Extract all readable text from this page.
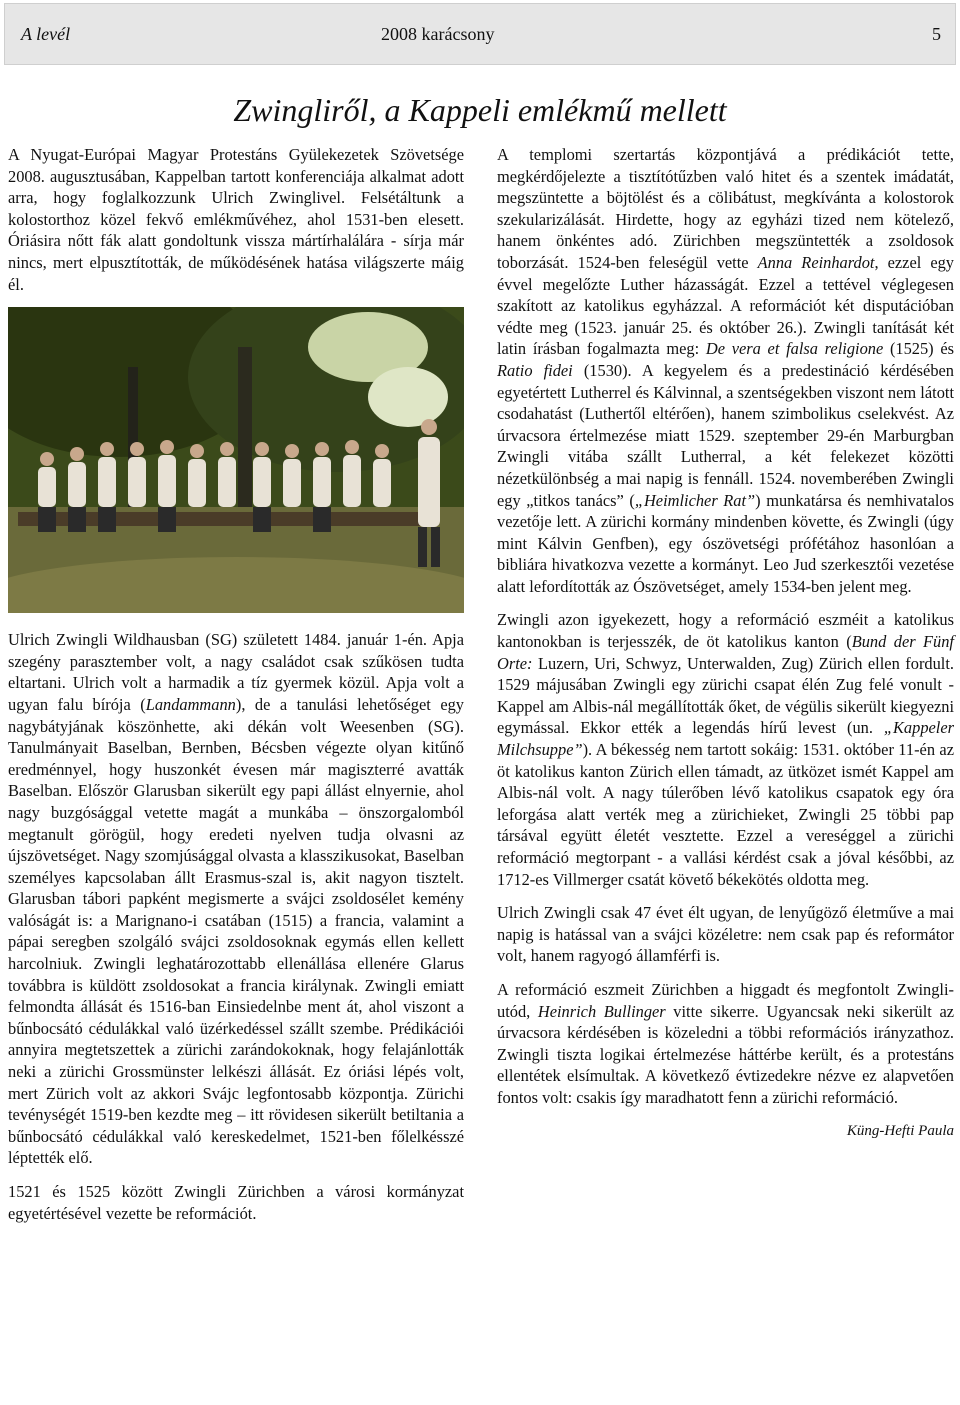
A levél	2008 karácsony	5
Zwingliről, a Kappeli emlékmű mellett

A Nyugat-Európai Magyar Protestáns Gyülekezetek Szövetsége 2008. augusztusában, Kappelban tartott konferenciája alkalmat adott arra, hogy foglalkozzunk Ulrich Zwinglivel. Felsétáltunk a kolostorthoz közel fekvő emlékművéhez, ahol 1531-ben elesett. Óriásira nőtt fák alatt gondoltunk vissza mártírhalálára - sírja már nincs, mert elpusztították, de működésének hatása világszerte máig él.

Ulrich Zwingli Wildhausban (SG) született 1484. január 1-én. Apja szegény parasztember volt, a nagy családot csak szűkösen tudta eltartani. Ulrich volt a harmadik a tíz gyermek közül. Apja volt a ugyan falu bírója (Landammann), de a tanulási lehetőséget egy nagybátyjának köszönhette, aki dékán volt Weesenben (SG). Tanulmányait Baselban, Bernben, Bécsben végezte olyan kitűnő eredménnyel, hogy huszonkét évesen már magiszterré avatták Baselban. Először Glarusban sikerült egy papi állást elnyernie, ahol nagy buzgósággal vetette magát a munkába – önszorgalomból megtanult görögül, hogy eredeti nyelven tudja olvasni az újszövetséget. Nagy szomjúsággal olvasta a klasszikusokat, Baselban személyes kapcsolaban állt Erasmus-szal is, akit nagyon tisztelt. Glarusban tábori papként megismerte a svájci zsoldosélet kemény valóságát is: a Marignano-i csatában (1515) a francia, valamint a pápai seregben szolgáló svájci zsoldosoknak egymás ellen kellett harcolniuk. Zwingli leghatározottabb ellenállása ellenére Glarus továbbra is küldött zsoldosokat a francia királynak. Zwingli emiatt felmondta állását és 1516-ban Einsiedelnbe ment át, ahol viszont a bűnbocsátó cédulákkal való üzérkedéssel szállt szembe. Prédikációi annyira megtetszettek a zürichi zarándokoknak, hogy felajánlották neki a zürichi Grossmünster lelkészi állását. Ez óriási lépés volt, mert Zürich volt az akkori Svájc legfontosabb központja. Zürichi tevénységét 1519-ben kezdte meg – itt rövidesen sikerült betiltania a bűnbocsátó cédulákkal való kereskedelmet, 1521-ben főlelkésszé léptették elő.

1521 és 1525 között Zwingli Zürichben a városi kormányzat egyetértésével vezette be reformációt.

A templomi szertartás központjává a prédikációt tette, megkérdőjelezte a tisztítótűzben való hitet és a szentek imádatát, megszüntette a böjtölést és a cölibátust, megkívánta a kolostorok szekularizálását. Hirdette, hogy az egyházi tized nem kötelező, hanem önkéntes adó. Zürichben megszüntették a zsoldosok toborzását. 1524-ben feleségül vette Anna Reinhardot, ezzel egy évvel megelőzte Luther házasságát. Ezzel a tettével véglegesen szakított az katolikus egyházzal. A reformációt két disputációban védte meg (1523. január 25. és október 26.). Zwingli tanítását két latin írásban fogalmazta meg: De vera et falsa religione (1525) és Ratio fidei (1530). A kegyelem és a predestináció kérdésében egyetértett Lutherrel és Kálvinnal, a szentségekben viszont nem látott csodahatást (Luthertől eltérően), hanem szimbolikus cselekvést. Az úrvacsora értelmezése miatt 1529. szeptember 29-én Marburgban Zwingli vitába szállt Lutherral, a két felekezet közötti nézetkülönbség a mai napig is fennáll. 1524. novemberében Zwingli egy „titkos tanács” („Heimlicher Rat”) munkatársa és nemhivatalos vezetője lett. A zürichi kormány mindenben követte, és Zwingli (úgy mint Kálvin Genfben), egy ószövetségi prófétához hasonlóan a bibliára hivatkozva vezette a kormányt. Leo Jud szerkesztői vezetése alatt lefordították az Ószövetséget, amely 1534-ben jelent meg.

Zwingli azon igyekezett, hogy a reformáció eszméit a katolikus kantonokban is terjesszék, de öt katolikus kanton (Bund der Fünf Orte: Luzern, Uri, Schwyz, Unterwalden, Zug) Zürich ellen fordult. 1529 májusában Zwingli egy zürichi csapat élén Zug felé vonult - Kappel am Albis-nál megállították őket, de végülis sikerült kiegyezni egymással. Ekkor ették a legendás hírű levest (un. „Kappeler Milchsuppe”). A békesség nem tartott sokáig: 1531. október 11-én az öt katolikus kanton Zürich ellen támadt, az ütközet ismét Kappel am Albis-nál volt. A nagy túlerőben lévő katolikus csapatok egy óra leforgása alatt verték meg a zürichieket, Zwingli 25 többi pap társával együtt életét vesztette. Ezzel a vereséggel a zürichi reformáció megtorpant - a vallási kérdést csak a jóval későbbi, az 1712-es Villmerger csatát követő békekötés oldotta meg.

Ulrich Zwingli csak 47 évet élt ugyan, de lenyűgöző életműve a mai napig is hatással van a svájci közéletre: nem csak pap és reformátor volt, hanem ragyogó államférfi is.

A reformáció eszmeit Zürichben a higgadt és megfontolt Zwingli-utód, Heinrich Bullinger vitte sikerre. Ugyancsak neki sikerült az úrvacsora kérdésében is közeledni a többi reformációs irányzathoz. Zwingli tiszta logikai értelmezése háttérbe került, és a protestáns ellentétek elsímultak. A következő évtizedekre nézve ez alapvetően fontos volt: csakis így maradhatott fenn a zürichi reformáció.

Küng-Hefti Paula
